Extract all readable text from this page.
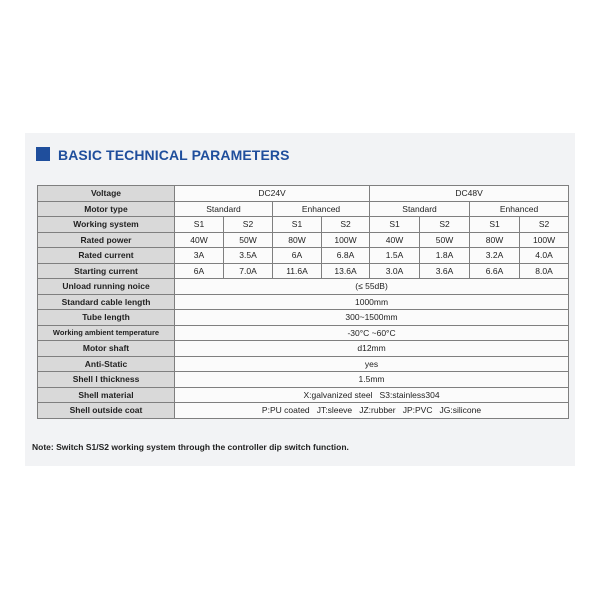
BASIC TECHNICAL PARAMETERS
Voltage	DC24V				DC48V			
Motor type	Standard		Enhanced		Standard		Enhanced	
Working system	S1	S2	S1	S2	S1	S2	S1	S2
Rated power	40W	50W	80W	100W	40W	50W	80W	100W
Rated current	3A	3.5A	6A	6.8A	1.5A	1.8A	3.2A	4.0A
Starting current	6A	7.0A	11.6A	13.6A	3.0A	3.6A	6.6A	8.0A
Unload running noice	(≤ 55dB)							
Standard cable length	1000mm							
Tube length	300~1500mm							
Working ambient temperature	-30°C ~60°C							
Motor shaft	d12mm							
Anti-Static	yes							
Shell l thickness	1.5mm							
Shell material	X:galvanized steel   S3:stainless304							
Shell outside coat	P:PU coated   JT:sleeve   JZ:rubber   JP:PVC   JG:silicone							
Note: Switch S1/S2 working system through the controller dip switch function.
